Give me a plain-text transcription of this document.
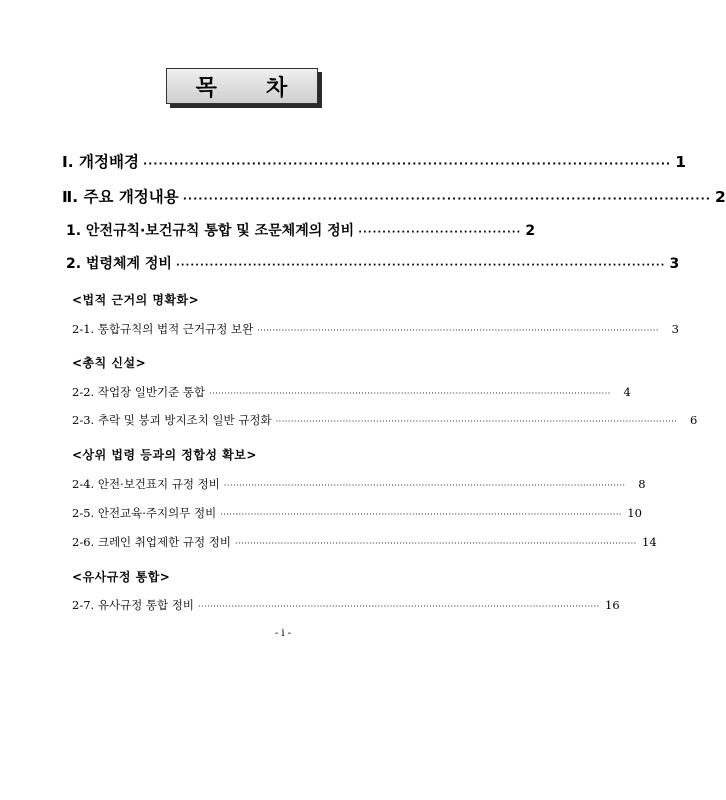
목 차
Ⅰ. 개정배경 ······································································································ 1
Ⅱ. 주요 개정내용 ······································································································ 2
1. 안전규칙·보건규칙 통합 및 조문체계의 정비 ·································· 2
2. 법령체계 정비 ······································································································ 3
<법적 근거의 명확화>
2-1. 통합규칙의 법적 근거규정 보완 ····································································································································	3
<총칙 신설>
2-2. 작업장 일반기준 통합 ····································································································································	4
2-3. 추락 및 붕괴 방지조치 일반 규정화 ····································································································································	6
<상위 법령 등과의 정합성 확보>
2-4. 안전·보건표지 규정 정비 ····································································································································	8
2-5. 안전교육·주지의무 정비 ···································································································································· 10
2-6. 크레인 취업제한 규정 정비 ···································································································································· 14
<유사규정 통합>
2-7. 유사규정 통합 정비 ···································································································································· 16
- i -
